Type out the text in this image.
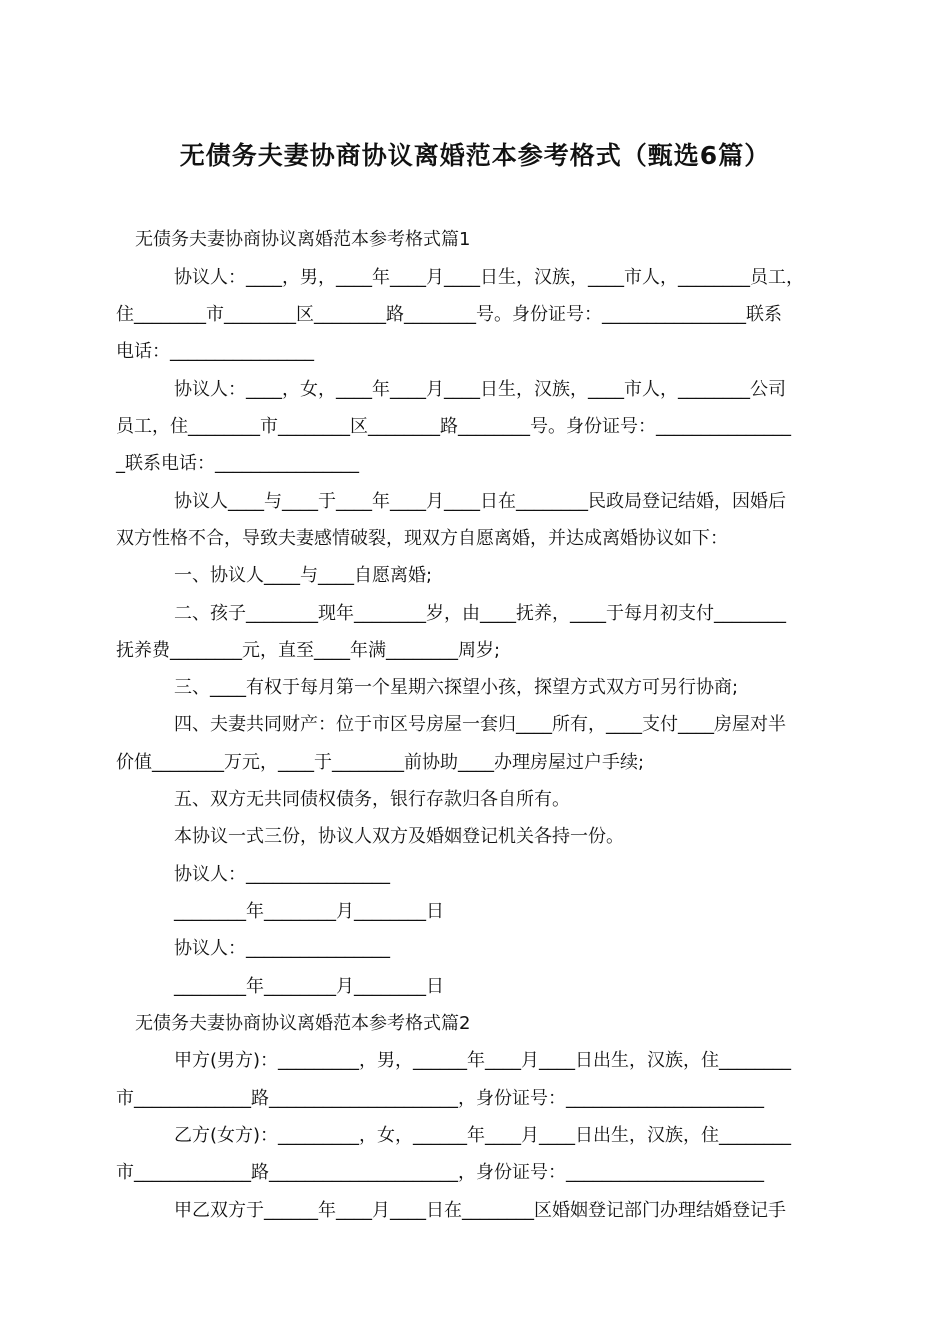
无债务夫妻协商协议离婚范本参考格式（甄选6篇）
无债务夫妻协商协议离婚范本参考格式篇1
协议人：____，男，____年____月____日生，汉族，____市人，________员工，
住________市________区________路________号。身份证号：________________联系
电话：________________
协议人：____，女，____年____月____日生，汉族，____市人，________公司
员工，住________市________区________路________号。身份证号：_______________
_联系电话：________________
协议人____与____于____年____月____日在________民政局登记结婚，因婚后
双方性格不合，导致夫妻感情破裂，现双方自愿离婚，并达成离婚协议如下：
一、协议人____与____自愿离婚;
二、孩子________现年________岁，由____抚养，____于每月初支付________
抚养费________元，直至____年满________周岁;
三、____有权于每月第一个星期六探望小孩，探望方式双方可另行协商;
四、夫妻共同财产：位于市区号房屋一套归____所有，____支付____房屋对半
价值________万元，____于________前协助____办理房屋过户手续;
五、双方无共同债权债务，银行存款归各自所有。
本协议一式三份，协议人双方及婚姻登记机关各持一份。
协议人：________________
________年________月________日
协议人：________________
________年________月________日
无债务夫妻协商协议离婚范本参考格式篇2
甲方(男方)：_________，男，______年____月____日出生，汉族，住________
市_____________路_____________________，身份证号：______________________
乙方(女方)：_________，女，______年____月____日出生，汉族，住________
市_____________路_____________________，身份证号：______________________
甲乙双方于______年____月____日在________区婚姻登记部门办理结婚登记手
